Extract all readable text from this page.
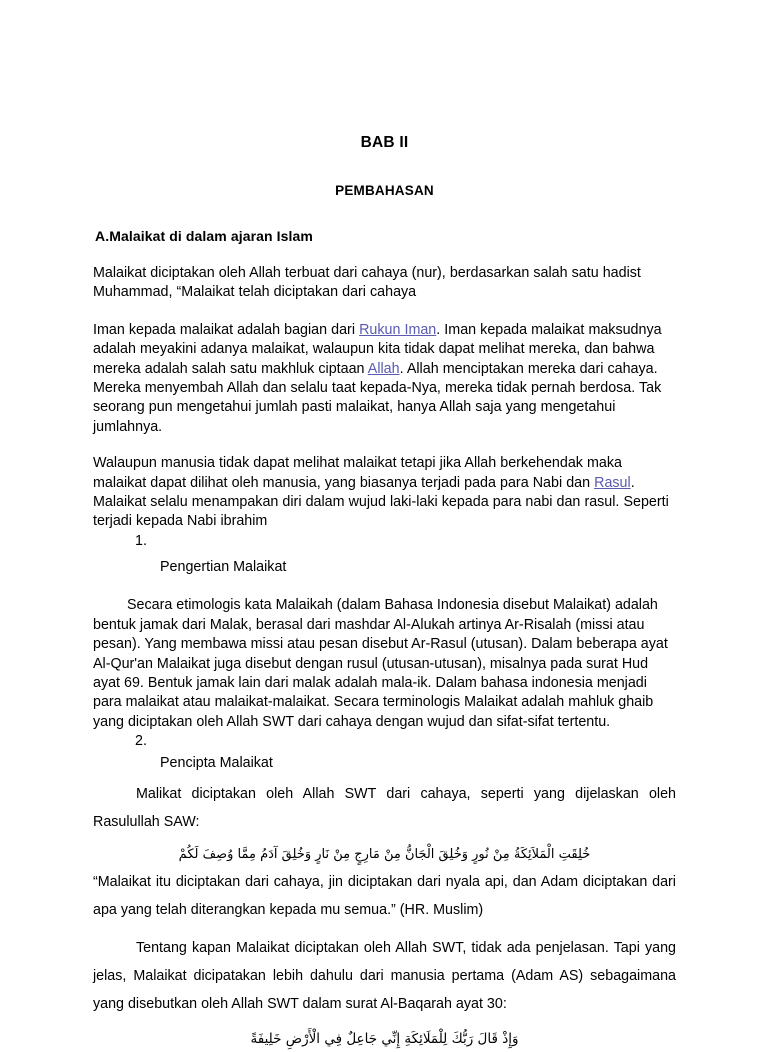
BAB II
PEMBAHASAN
A.Malaikat di dalam ajaran Islam

Malaikat diciptakan oleh Allah terbuat dari cahaya (nur), berdasarkan salah satu hadist Muhammad, “Malaikat telah diciptakan dari cahaya

Iman kepada malaikat adalah bagian dari Rukun Iman. Iman kepada malaikat maksudnya adalah meyakini adanya malaikat, walaupun kita tidak dapat melihat mereka, dan bahwa mereka adalah salah satu makhluk ciptaan Allah. Allah menciptakan mereka dari cahaya. Mereka menyembah Allah dan selalu taat kepada-Nya, mereka tidak pernah berdosa. Tak seorang pun mengetahui jumlah pasti malaikat, hanya Allah saja yang mengetahui jumlahnya.

Walaupun manusia tidak dapat melihat malaikat tetapi jika Allah berkehendak maka malaikat dapat dilihat oleh manusia, yang biasanya terjadi pada para Nabi dan Rasul. Malaikat selalu menampakan diri dalam wujud laki-laki kepada para nabi dan rasul. Seperti terjadi kepada Nabi ibrahim

1.
Pengertian Malaikat

Secara etimologis kata Malaikah (dalam Bahasa Indonesia disebut Malaikat) adalah bentuk jamak dari Malak, berasal dari mashdar Al-Alukah artinya Ar-Risalah (missi atau pesan). Yang membawa missi atau pesan disebut Ar-Rasul (utusan). Dalam beberapa ayat Al-Qur'an Malaikat juga disebut dengan rusul (utusan-utusan), misalnya pada surat Hud ayat 69. Bentuk jamak lain dari malak adalah mala-ik. Dalam bahasa indonesia menjadi para malaikat atau malaikat-malaikat. Secara terminologis Malaikat adalah mahluk ghaib yang diciptakan oleh Allah SWT dari cahaya dengan wujud dan sifat-sifat tertentu.

2.
Pencipta Malaikat

Malikat diciptakan oleh Allah SWT dari cahaya, seperti yang dijelaskan oleh Rasulullah SAW:

خُلِقَتِ الْمَلاَئِكَةُ مِنْ نُورٍ وَخُلِقَ الْجَانُّ مِنْ مَارِجٍ مِنْ نَارٍ وَخُلِقَ آدَمُ مِمَّا وُصِفَ لَكُمْ

“Malaikat itu diciptakan dari cahaya, jin diciptakan dari nyala api, dan Adam diciptakan dari apa yang telah diterangkan kepada mu semua.” (HR. Muslim)

Tentang kapan Malaikat diciptakan oleh Allah SWT, tidak ada penjelasan. Tapi yang jelas, Malaikat dicipatakan lebih dahulu dari manusia pertama (Adam AS) sebagaimana yang disebutkan oleh Allah SWT dalam surat Al-Baqarah ayat 30:

وَإِذْ قَالَ رَبُّكَ لِلْمَلَائِكَةِ إِنِّي جَاعِلٌ فِي الْأَرْضِ خَلِيفَةً
